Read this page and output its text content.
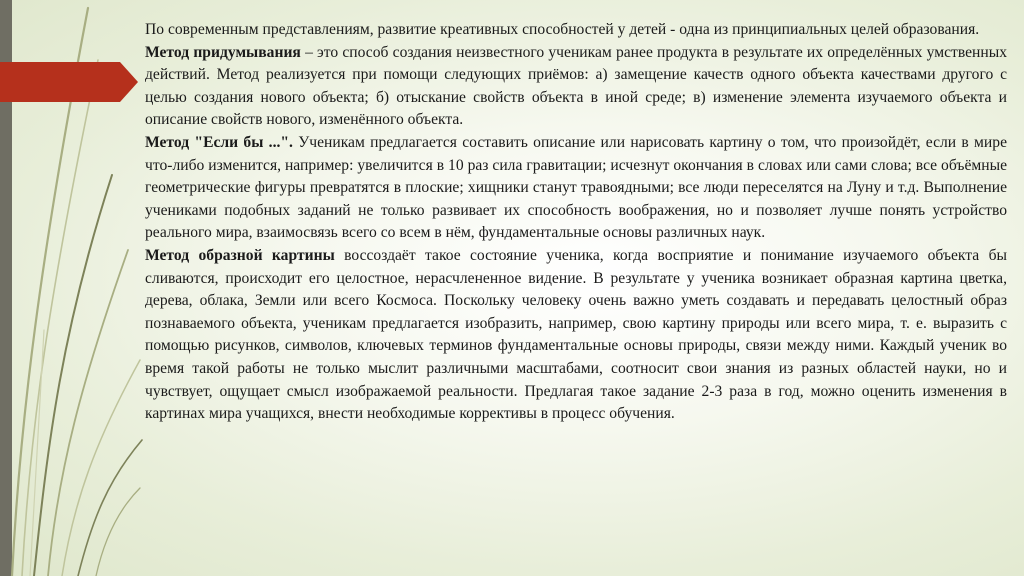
По современным представлениям, развитие креативных способностей у детей - одна из принципиальных целей образования.

Метод придумывания – это способ создания неизвестного ученикам ранее продукта в результате их определённых умственных действий. Метод реализуется при помощи следующих приёмов: а) замещение качеств одного объекта качествами другого с целью создания нового объекта; б) отыскание свойств объекта в иной среде; в) изменение элемента изучаемого объекта и описание свойств нового, изменённого объекта.

Метод "Если бы ...". Ученикам предлагается составить описание или нарисовать картину о том, что произойдёт, если в мире что-либо изменится, например: увеличится в 10 раз сила гравитации; исчезнут окончания в словах или сами слова; все объёмные геометрические фигуры превратятся в плоские; хищники станут травоядными; все люди переселятся на Луну и т.д. Выполнение учениками подобных заданий не только развивает их способность воображения, но и позволяет лучше понять устройство реального мира, взаимосвязь всего со всем в нём, фундаментальные основы различных наук.

Метод образной картины воссоздаёт такое состояние ученика, когда восприятие и понимание изучаемого объекта бы сливаются, происходит его целостное, нерасчлененное видение. В результате у ученика возникает образная картина цветка, дерева, облака, Земли или всего Космоса. Поскольку человеку очень важно уметь создавать и передавать целостный образ познаваемого объекта, ученикам предлагается изобразить, например, свою картину природы или всего мира, т. е. выразить с помощью рисунков, символов, ключевых терминов фундаментальные основы природы, связи между ними. Каждый ученик во время такой работы не только мыслит различными масштабами, соотносит свои знания из разных областей науки, но и чувствует, ощущает смысл изображаемой реальности. Предлагая такое задание 2-3 раза в год, можно оценить изменения в картинах мира учащихся, внести необходимые коррективы в процесс обучения.
